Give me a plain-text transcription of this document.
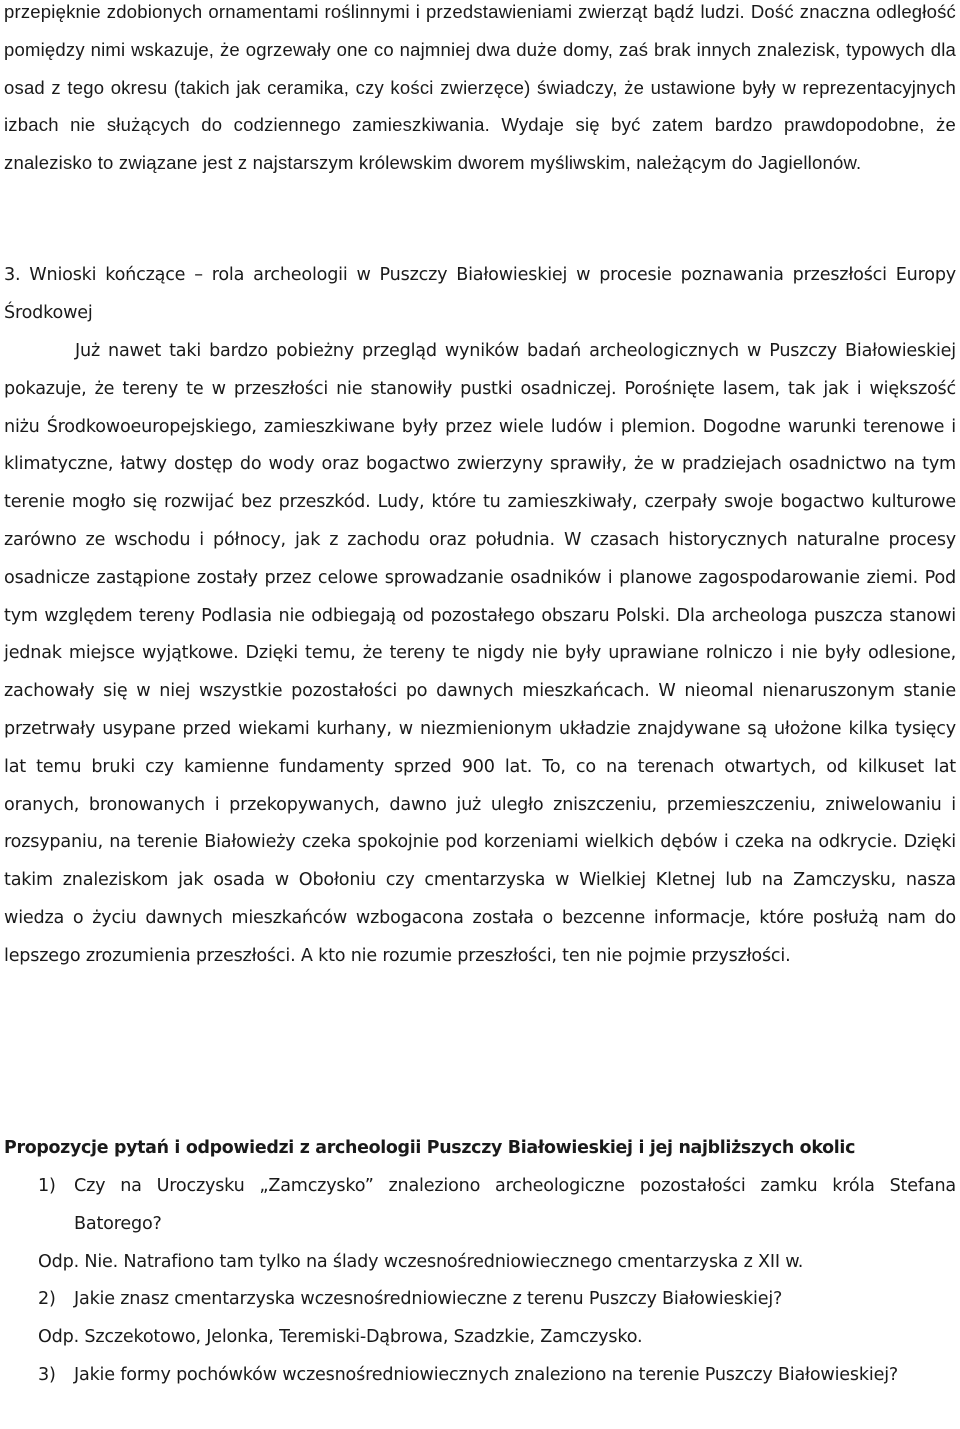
przepięknie zdobionych ornamentami roślinnymi i przedstawieniami zwierząt bądź ludzi. Dość znaczna odległość pomiędzy nimi wskazuje, że ogrzewały one co najmniej dwa duże domy, zaś brak innych znalezisk, typowych dla osad z tego okresu (takich jak ceramika, czy kości zwierzęce) świadczy, że ustawione były w reprezentacyjnych izbach nie służących do codziennego zamieszkiwania. Wydaje się być zatem bardzo prawdopodobne, że znalezisko to związane jest z najstarszym królewskim dworem myśliwskim, należącym do Jagiellonów.

3. Wnioski kończące – rola archeologii w Puszczy Białowieskiej w procesie poznawania przeszłości Europy Środkowej

Już nawet taki bardzo pobieżny przegląd wyników badań archeologicznych w Puszczy Białowieskiej pokazuje, że tereny te w przeszłości nie stanowiły pustki osadniczej. Porośnięte lasem, tak jak i większość niżu Środkowoeuropejskiego, zamieszkiwane były przez wiele ludów i plemion. Dogodne warunki terenowe i klimatyczne, łatwy dostęp do wody oraz bogactwo zwierzyny sprawiły, że w pradziejach osadnictwo na tym terenie mogło się rozwijać bez przeszkód. Ludy, które tu zamieszkiwały, czerpały swoje bogactwo kulturowe zarówno ze wschodu i północy, jak z zachodu oraz południa. W czasach historycznych naturalne procesy osadnicze zastąpione zostały przez celowe sprowadzanie osadników i planowe zagospodarowanie ziemi. Pod tym względem tereny Podlasia nie odbiegają od pozostałego obszaru Polski. Dla archeologa puszcza stanowi jednak miejsce wyjątkowe. Dzięki temu, że tereny te nigdy nie były uprawiane rolniczo i nie były odlesione, zachowały się w niej wszystkie pozostałości po dawnych mieszkańcach. W nieomal nienaruszonym stanie przetrwały usypane przed wiekami kurhany, w niezmienionym układzie znajdywane są ułożone kilka tysięcy lat temu bruki czy kamienne fundamenty sprzed 900 lat. To, co na terenach otwartych, od kilkuset lat oranych, bronowanych i przekopywanych, dawno już uległo zniszczeniu, przemieszczeniu, zniwelowaniu i rozsypaniu, na terenie Białowieży czeka spokojnie pod korzeniami wielkich dębów i czeka na odkrycie. Dzięki takim znaleziskom jak osada w Obołoniu czy cmentarzyska w Wielkiej Kletnej lub na Zamczysku, nasza wiedza o życiu dawnych mieszkańców wzbogacona została o bezcenne informacje, które posłużą nam do lepszego zrozumienia przeszłości. A kto nie rozumie przeszłości, ten nie pojmie przyszłości.

Propozycje pytań i odpowiedzi z archeologii Puszczy Białowieskiej i jej najbliższych okolic
1)	Czy na Uroczysku „Zamczysko” znaleziono archeologiczne pozostałości zamku króla Stefana Batorego?
Odp. Nie. Natrafiono tam tylko na ślady wczesnośredniowiecznego cmentarzyska z XII w.
2)	Jakie znasz cmentarzyska wczesnośredniowieczne z terenu Puszczy Białowieskiej?
Odp. Szczekotowo, Jelonka, Teremiski-Dąbrowa, Szadzkie, Zamczysko.
3)	Jakie formy pochówków wczesnośredniowiecznych znaleziono na terenie Puszczy Białowieskiej?
